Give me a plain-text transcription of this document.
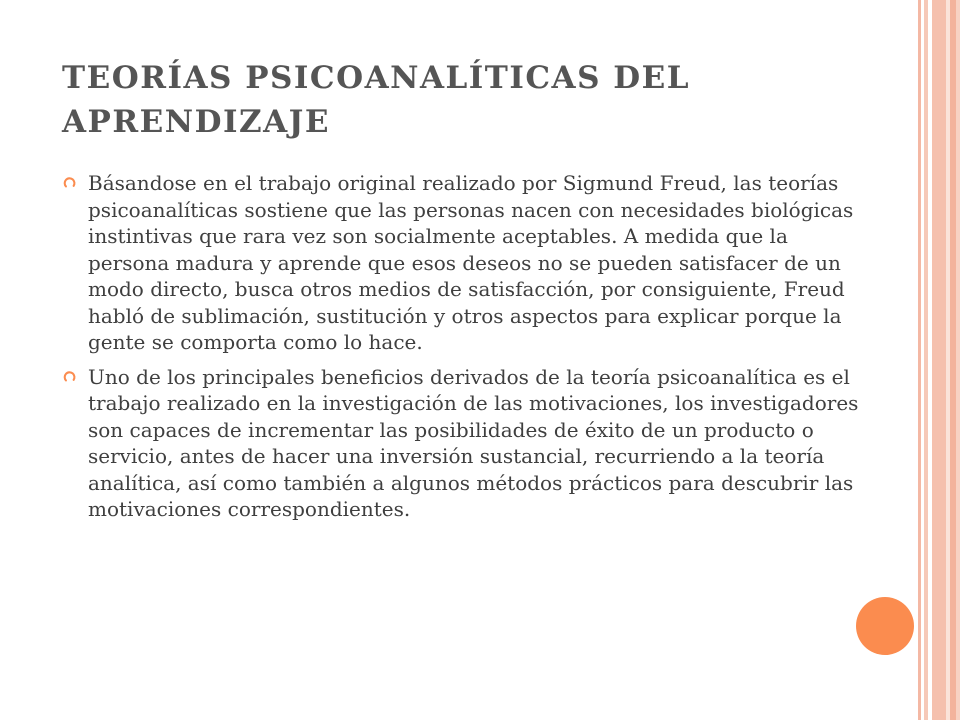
TEORÍAS PSICOANALÍTICAS DEL APRENDIZAJE
Básandose en el trabajo original realizado por Sigmund Freud, las teorías psicoanalíticas sostiene que las personas nacen con necesidades biológicas instintivas que rara vez son socialmente aceptables. A medida que la persona madura y aprende que esos deseos no se pueden satisfacer de un modo directo, busca otros medios de satisfacción, por consiguiente, Freud habló de sublimación, sustitución y otros aspectos para explicar porque la gente se comporta como lo hace.
Uno de los principales beneficios derivados de la teoría psicoanalítica es el trabajo realizado en la investigación de las motivaciones, los investigadores son capaces de incrementar las posibilidades de éxito de un producto o servicio, antes de hacer una inversión sustancial, recurriendo a la teoría analítica, así como también a algunos métodos prácticos para descubrir las motivaciones correspondientes.
